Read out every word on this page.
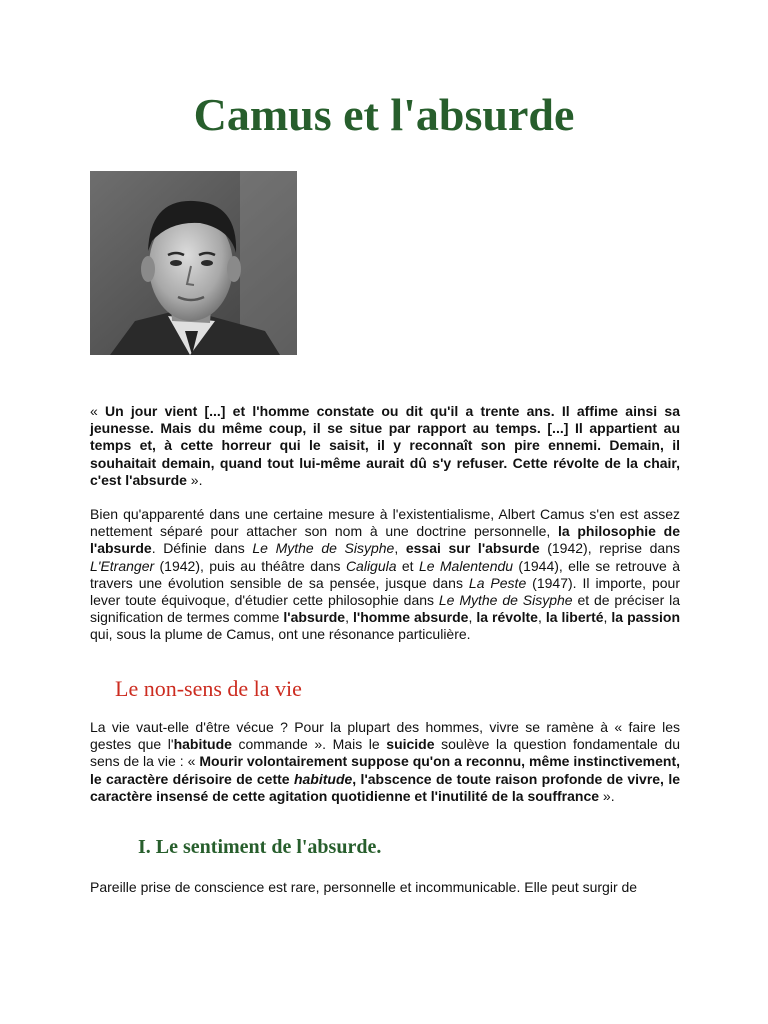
Camus et l'absurde

« Un jour vient [...] et l'homme constate ou dit qu'il a trente ans. Il affime ainsi sa jeunesse. Mais du même coup, il se situe par rapport au temps. [...] Il appartient au temps et, à cette horreur qui le saisit, il y reconnaît son pire ennemi. Demain, il souhaitait demain, quand tout lui-même aurait dû s'y refuser. Cette révolte de la chair, c'est l'absurde ».

Bien qu'apparenté dans une certaine mesure à l'existentialisme, Albert Camus s'en est assez nettement séparé pour attacher son nom à une doctrine personnelle, la philosophie de l'absurde. Définie dans Le Mythe de Sisyphe, essai sur l'absurde (1942), reprise dans L'Etranger (1942), puis au théâtre dans Caligula et Le Malentendu (1944), elle se retrouve à travers une évolution sensible de sa pensée, jusque dans La Peste (1947). Il importe, pour lever toute équivoque, d'étudier cette philosophie dans Le Mythe de Sisyphe et de préciser la signification de termes comme l'absurde, l'homme absurde, la révolte, la liberté, la passion qui, sous la plume de Camus, ont une résonance particulière.

Le non-sens de la vie

La vie vaut-elle d'être vécue ? Pour la plupart des hommes, vivre se ramène à « faire les gestes que l'habitude commande ». Mais le suicide soulève la question fondamentale du sens de la vie : « Mourir volontairement suppose qu'on a reconnu, même instinctivement, le caractère dérisoire de cette habitude, l'abscence de toute raison profonde de vivre, le caractère insensé de cette agitation quotidienne et l'inutilité de la souffrance ».

I. Le sentiment de l'absurde.

Pareille prise de conscience est rare, personnelle et incommunicable. Elle peut surgir de
